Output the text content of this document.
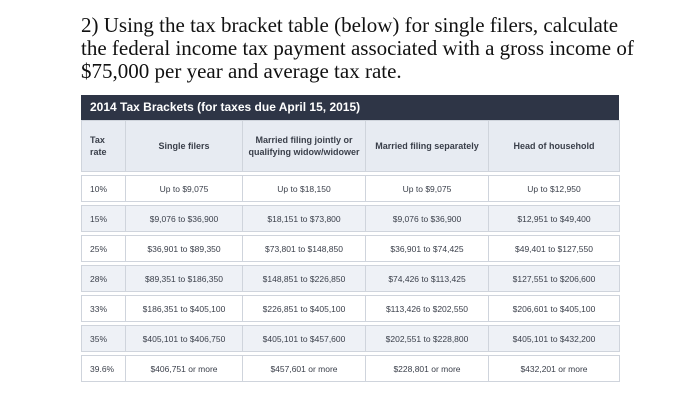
2) Using the tax bracket table (below) for single filers, calculate the federal income tax payment associated with a gross income of $75,000 per year and average tax rate.
2014 Tax Brackets (for taxes due April 15, 2015)
Tax rate	Single filers	Married filing jointly or qualifying widow/widower	Married filing separately	Head of household

10%	Up to $9,075	Up to $18,150	Up to $9,075	Up to $12,950

15%	$9,076 to $36,900	$18,151 to $73,800	$9,076 to $36,900	$12,951 to $49,400

25%	$36,901 to $89,350	$73,801 to $148,850	$36,901 to $74,425	$49,401 to $127,550

28%	$89,351 to $186,350	$148,851 to $226,850	$74,426 to $113,425	$127,551 to $206,600

33%	$186,351 to $405,100	$226,851 to $405,100	$113,426 to $202,550	$206,601 to $405,100

35%	$405,101 to $406,750	$405,101 to $457,600	$202,551 to $228,800	$405,101 to $432,200

39.6%	$406,751 or more	$457,601 or more	$228,801 or more	$432,201 or more
